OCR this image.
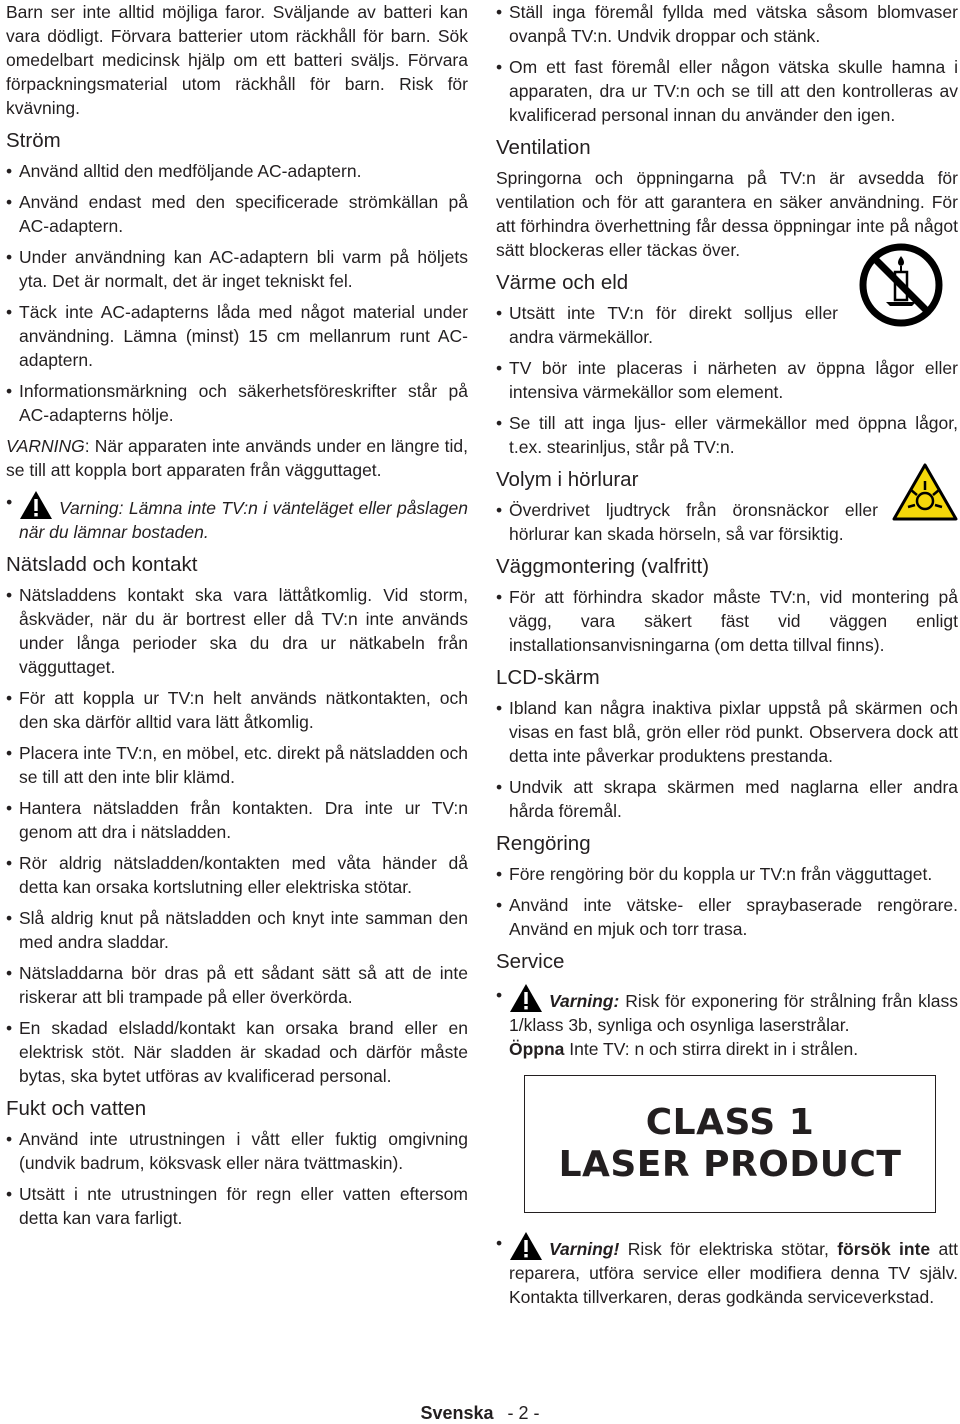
Barn ser inte alltid möjliga faror. Sväljande av batteri kan vara dödligt. Förvara batterier utom räckhåll för barn. Sök omedelbart medicinsk hjälp om ett batteri sväljs. Förvara förpackningsmaterial utom räckhåll för barn. Risk för kvävning.

Ström
• Använd alltid den medföljande AC-adaptern.
• Använd endast med den specificerade strömkällan på AC-adaptern.
• Under användning kan AC-adaptern bli varm på höljets yta. Det är normalt, det är inget tekniskt fel.
• Täck inte AC-adapterns låda med något material under användning. Lämna (minst) 15 cm mellanrum runt AC-adaptern.
• Informationsmärkning och säkerhetsföreskrifter står på AC-adapterns hölje.

VARNING: När apparaten inte används under en längre tid, se till att koppla bort apparaten från vägguttaget.

• Varning: Lämna inte TV:n i vänteläget eller påslagen när du lämnar bostaden.
Nätsladd och kontakt
• Nätsladdens kontakt ska vara lättåtkomlig. Vid storm, åskväder, när du är bortrest eller då TV:n inte används under långa perioder ska du dra ur nätkabeln från vägguttaget.
• För att koppla ur TV:n helt används nätkontakten, och den ska därför alltid vara lätt åtkomlig.
• Placera inte TV:n, en möbel, etc. direkt på nätsladden och se till att den inte blir klämd.
• Hantera nätsladden från kontakten. Dra inte ur TV:n genom att dra i nätsladden.
• Rör aldrig nätsladden/kontakten med våta händer då detta kan orsaka kortslutning eller elektriska stötar.
• Slå aldrig knut på nätsladden och knyt inte samman den med andra sladdar.
• Nätsladdarna bör dras på ett sådant sätt så att de inte riskerar att bli trampade på eller överkörda.
• En skadad elsladd/kontakt kan orsaka brand eller en elektrisk stöt. När sladden är skadad och därför måste bytas, ska bytet utföras av kvalificerad personal.
Fukt och vatten
• Använd inte utrustningen i vått eller fuktig omgivning (undvik badrum, köksvask eller nära tvättmaskin).
• Utsätt i nte utrustningen för regn eller vatten eftersom detta kan vara farligt.
• Ställ inga föremål fyllda med vätska såsom blomvaser ovanpå TV:n. Undvik droppar och stänk.
• Om ett fast föremål eller någon vätska skulle hamna i apparaten, dra ur TV:n och se till att den kontrolleras av kvalificerad personal innan du använder den igen.
Ventilation

Springorna och öppningarna på TV:n är avsedda för ventilation och för att garantera en säker användning. För att förhindra överhettning får dessa öppningar inte på något sätt blockeras eller täckas över.

Värme och eld
• Utsätt inte TV:n för direkt solljus eller andra värmekällor.
• TV bör inte placeras i närheten av öppna lågor eller intensiva värmekällor som element.
• Se till att inga ljus- eller värmekällor med öppna lågor, t.ex. stearinljus, står på TV:n.
Volym i hörlurar
• Överdrivet ljudtryck från öronsnäckor eller hörlurar kan skada hörseln, så var försiktig.
Väggmontering (valfritt)
• För att förhindra skador måste TV:n, vid montering på vägg, vara säkert fäst vid väggen enligt installationsanvisningarna (om detta tillval finns).
LCD-skärm
• Ibland kan några inaktiva pixlar uppstå på skärmen och visas en fast blå, grön eller röd punkt. Observera dock att detta inte påverkar produktens prestanda.
• Undvik att skrapa skärmen med naglarna eller andra hårda föremål.
Rengöring
• Före rengöring bör du koppla ur TV:n från vägguttaget.
• Använd inte vätske- eller spraybaserade rengörare. Använd en mjuk och torr trasa.
Service
• Varning: Risk för exponering för strålning från klass 1/klass 3b, synliga och osynliga laserstrålar.
Öppna Inte TV: n och stirra direkt in i strålen.
CLASS 1
LASER PRODUCT
• Varning! Risk för elektriska stötar, försök inte att reparera, utföra service eller modifiera denna TV själv. Kontakta tillverkaren, deras godkända serviceverkstad.
Svenska - 2 -
